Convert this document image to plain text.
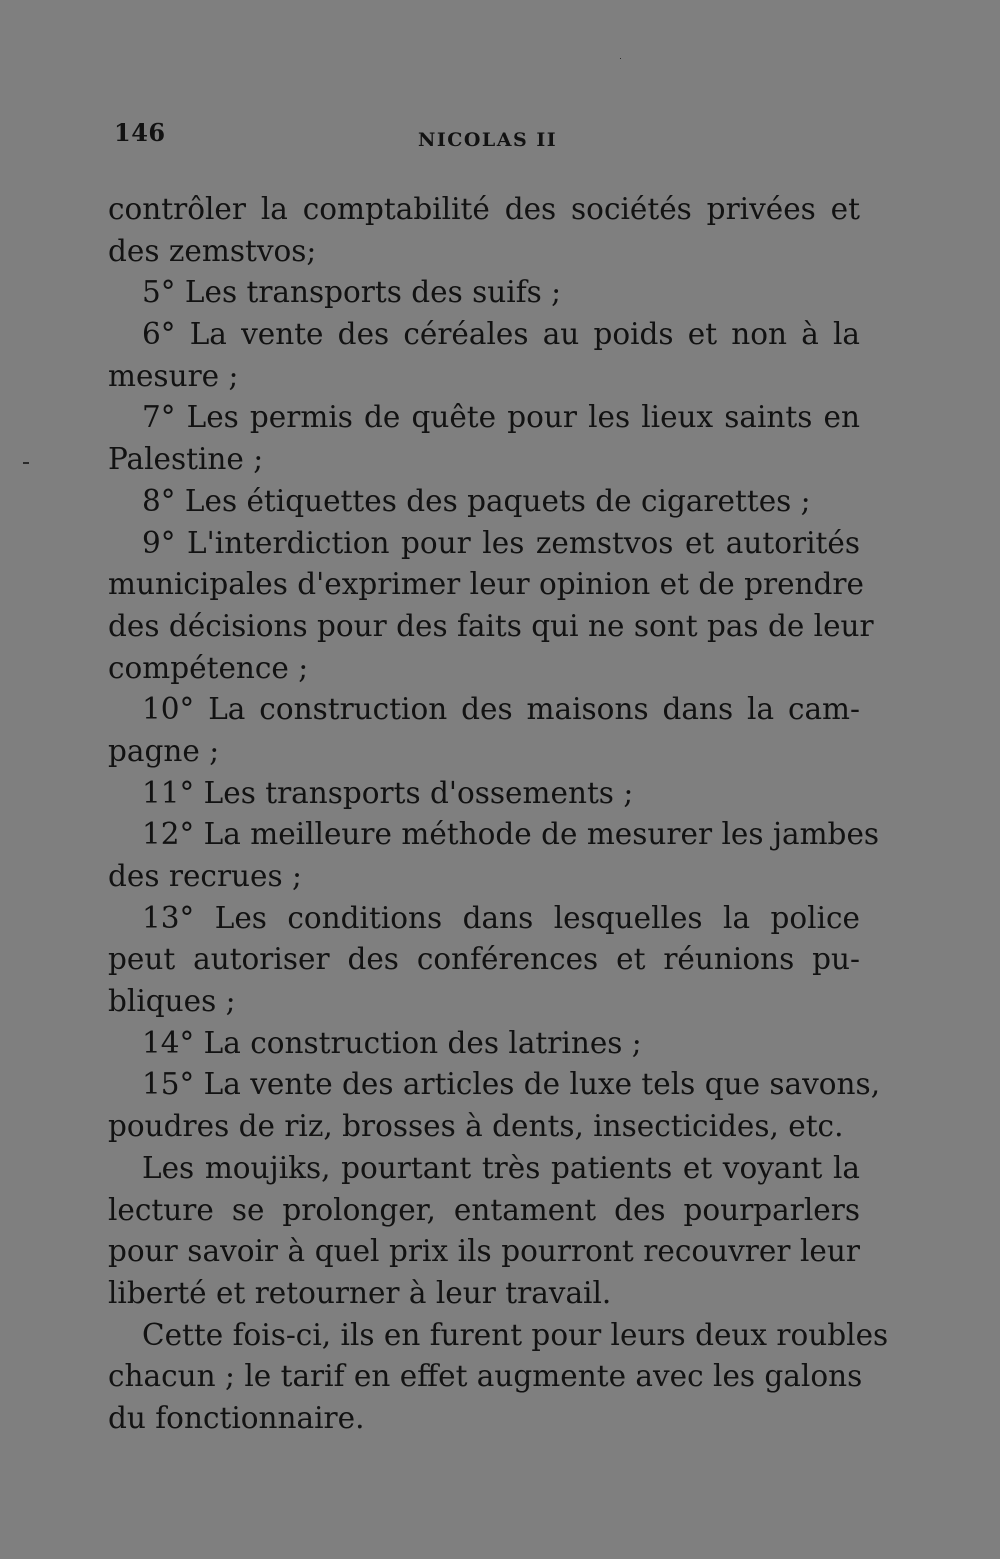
146	NICOLAS II
contrôler la comptabilité des sociétés privées et
des zemstvos;
5° Les transports des suifs ;
6° La vente des céréales au poids et non à la
mesure ;
7° Les permis de quête pour les lieux saints en
Palestine ;
8° Les étiquettes des paquets de cigarettes ;
9° L'interdiction pour les zemstvos et autorités
municipales d'exprimer leur opinion et de prendre
des décisions pour des faits qui ne sont pas de leur
compétence ;
10° La construction des maisons dans la cam-
pagne ;
11° Les transports d'ossements ;
12° La meilleure méthode de mesurer les jambes
des recrues ;
13° Les conditions dans lesquelles la police
peut autoriser des conférences et réunions pu-
bliques ;
14° La construction des latrines ;
15° La vente des articles de luxe tels que savons,
poudres de riz, brosses à dents, insecticides, etc.
Les moujiks, pourtant très patients et voyant la
lecture se prolonger, entament des pourparlers
pour savoir à quel prix ils pourront recouvrer leur
liberté et retourner à leur travail.
Cette fois-ci, ils en furent pour leurs deux roubles
chacun ; le tarif en effet augmente avec les galons
du fonctionnaire.
